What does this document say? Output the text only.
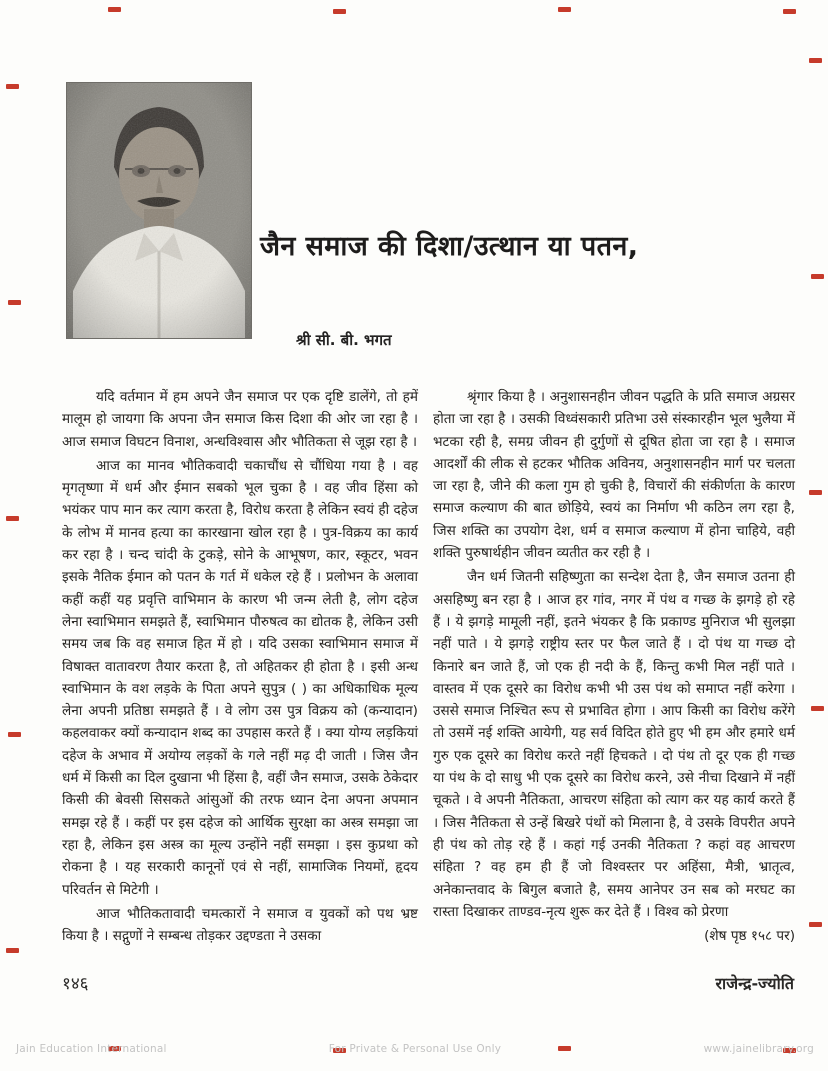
जैन समाज की दिशा/उत्थान या पतन,
श्री सी. बी. भगत

यदि वर्तमान में हम अपने जैन समाज पर एक दृष्टि डालेंगे, तो हमें मालूम हो जायगा कि अपना जैन समाज किस दिशा की ओर जा रहा है । आज समाज विघटन विनाश, अन्धविश्वास और भौतिकता से जूझ रहा है ।

आज का मानव भौतिकवादी चकाचौंध से चौंधिया गया है । वह मृगतृष्णा में धर्म और ईमान सबको भूल चुका है । वह जीव हिंसा को भयंकर पाप मान कर त्याग करता है, विरोध करता है लेकिन स्वयं ही दहेज के लोभ में मानव हत्या का कारखाना खोल रहा है । पुत्र-विक्रय का कार्य कर रहा है । चन्द चांदी के टुकड़े, सोने के आभूषण, कार, स्कूटर, भवन इसके नैतिक ईमान को पतन के गर्त में धकेल रहे हैं । प्रलोभन के अलावा कहीं कहीं यह प्रवृत्ति वाभिमान के कारण भी जन्म लेती है, लोग दहेज लेना स्वाभिमान समझते हैं, स्वाभिमान पौरुषत्व का द्योतक है, लेकिन उसी समय जब कि वह समाज हित में हो । यदि उसका स्वाभिमान समाज में विषाक्त वातावरण तैयार करता है, तो अहितकर ही होता है । इसी अन्ध स्वाभिमान के वश लड़के के पिता अपने सुपुत्र ( ) का अधिकाधिक मूल्य लेना अपनी प्रतिष्ठा समझते हैं । वे लोग उस पुत्र विक्रय को (कन्यादान) कहलवाकर क्यों कन्यादान शब्द का उपहास करते हैं । क्या योग्य लड़कियां दहेज के अभाव में अयोग्य लड़कों के गले नहीं मढ़ दी जाती । जिस जैन धर्म में किसी का दिल दुखाना भी हिंसा है, वहीं जैन समाज, उसके ठेकेदार किसी की बेवसी सिसकते आंसुओं की तरफ ध्यान देना अपना अपमान समझ रहे हैं । कहीं पर इस दहेज को आर्थिक सुरक्षा का अस्त्र समझा जा रहा है, लेकिन इस अस्त्र का मूल्य उन्होंने नहीं समझा । इस कुप्रथा को रोकना है । यह सरकारी कानूनों एवं से नहीं, सामाजिक नियमों, हृदय परिवर्तन से मिटेगी ।

आज भौतिकतावादी चमत्कारों ने समाज व युवकों को पथ भ्रष्ट किया है । सद्गुणों ने सम्बन्ध तोड़कर उद्दण्डता ने उसका

श्रृंगार किया है । अनुशासनहीन जीवन पद्धति के प्रति समाज अग्रसर होता जा रहा है । उसकी विध्वंसकारी प्रतिभा उसे संस्कारहीन भूल भुलैया में भटका रही है, समग्र जीवन ही दुर्गुणों से दूषित होता जा रहा है । समाज आदर्शों की लीक से हटकर भौतिक अविनय, अनुशासनहीन मार्ग पर चलता जा रहा है, जीने की कला गुम हो चुकी है, विचारों की संकीर्णता के कारण समाज कल्याण की बात छोड़िये, स्वयं का निर्माण भी कठिन लग रहा है, जिस शक्ति का उपयोग देश, धर्म व समाज कल्याण में होना चाहिये, वही शक्ति पुरुषार्थहीन जीवन व्यतीत कर रही है ।

जैन धर्म जितनी सहिष्णुता का सन्देश देता है, जैन समाज उतना ही असहिष्णु बन रहा है । आज हर गांव, नगर में पंथ व गच्छ के झगड़े हो रहे हैं । ये झगड़े मामूली नहीं, इतने भंयकर है कि प्रकाण्ड मुनिराज भी सुलझा नहीं पाते । ये झगड़े राष्ट्रीय स्तर पर फैल जाते हैं । दो पंथ या गच्छ दो किनारे बन जाते हैं, जो एक ही नदी के हैं, किन्तु कभी मिल नहीं पाते । वास्तव में एक दूसरे का विरोध कभी भी उस पंथ को समाप्त नहीं करेगा । उससे समाज निश्चित रूप से प्रभावित होगा । आप किसी का विरोध करेंगे तो उसमें नई शक्ति आयेगी, यह सर्व विदित होते हुए भी हम और हमारे धर्म गुरु एक दूसरे का विरोध करते नहीं हिचकते । दो पंथ तो दूर एक ही गच्छ या पंथ के दो साधु भी एक दूसरे का विरोध करने, उसे नीचा दिखाने में नहीं चूकते । वे अपनी नैतिकता, आचरण संहिता को त्याग कर यह कार्य करते हैं । जिस नैतिकता से उन्हें बिखरे पंथों को मिलाना है, वे उसके विपरीत अपने ही पंथ को तोड़ रहे हैं । कहां गई उनकी नैतिकता ? कहां वह आचरण संहिता ? वह हम ही हैं जो विश्वस्तर पर अहिंसा, मैत्री, भ्रातृत्व, अनेकान्तवाद के बिगुल बजाते है, समय आनेपर उन सब को मरघट का रास्ता दिखाकर ताण्डव-नृत्य शुरू कर देते हैं । विश्व को प्रेरणा

(शेष पृष्ठ १५८ पर)

१४६	राजेन्द्र-ज्योति
Jain Education International	For Private & Personal Use Only	www.jainelibrary.org
